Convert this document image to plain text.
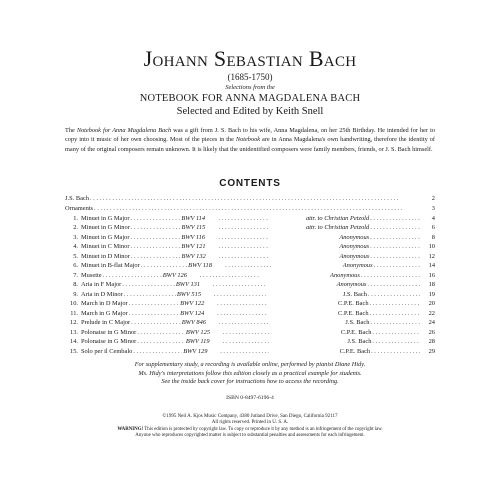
Johann Sebastian Bach
(1685-1750)
Selections from the
NOTEBOOK FOR ANNA MAGDALENA BACH
Selected and Edited by Keith Snell
The Notebook for Anna Magdalena Bach was a gift from J. S. Bach to his wife, Anna Magdalena, on her 25th Birthday. He intended for her to copy into it music of her own choosing. Most of the pieces in the Notebook are in Anna Magdalena's own handwriting, therefore the identity of many of the original composers remain unknown. It is likely that the unidentified composers were family members, friends, or J. S. Bach himself.
CONTENTS
J.S. Bach . . .	2
Ornaments . . .	3
1. Minuet in G Major . . .	BWV 114 . . .	attr. to Christian Petzold . . .	4
2. Minuet in G Minor . . .	BWV 115 . . .	attr. to Christian Petzold . . .	6
3. Minuet in G Major . . .	BWV 116 . . .	Anonymous . . .	8
4. Minuet in C Minor . . .	BWV 121 . . .	Anonymous . . .	10
5. Minuet in D Minor . . .	BWV 132 . . .	Anonymous . . .	12
6. Minuet in B-flat Major . . .	BWV 118 . . .	Anonymous . . .	14
7. Musette . . .	BWV 126 . . .	Anonymous . . .	16
8. Aria in F Major . . .	BWV 131 . . .	Anonymous . . .	18
9. Aria in D Minor . . .	BWV 515 . . .	J.S. Bach . . .	19
10. March in D Major . . .	BWV 122 . . .	C.P.E. Bach . . .	20
11. March in G Major . . .	BWV 124 . . .	C.P.E. Bach . . .	22
12. Prelude in C Major . . .	BWV 846 . . .	J.S. Bach . . .	24
13. Polonaise in G Minor . . .	BWV 125 . . .	C.P.E. Bach . . .	26
14. Polonaise in G Minor . . .	BWV 119 . . .	J.S. Bach . . .	28
15. Solo per il Cembalo . . .	BWV 129 . . .	C.P.E. Bach . . .	29
For supplementary study, a recording is available online, performed by pianist Diane Hidy.
Ms. Hidy's interpretations follow this edition closely as a practical example for students.
See the inside back cover for instructions how to access the recording.
ISBN 0-8497-6196-4
©1995 Neil A. Kjos Music Company, 4380 Jutland Drive, San Diego, California 92117
All rights reserved. Printed in U. S. A.
WARNING! This edition is protected by copyright law. To copy or reproduce it by any method is an infringement of the copyright law.
Anyone who reproduces copyrighted matter is subject to substantial penalties and assessments for each infringement.
